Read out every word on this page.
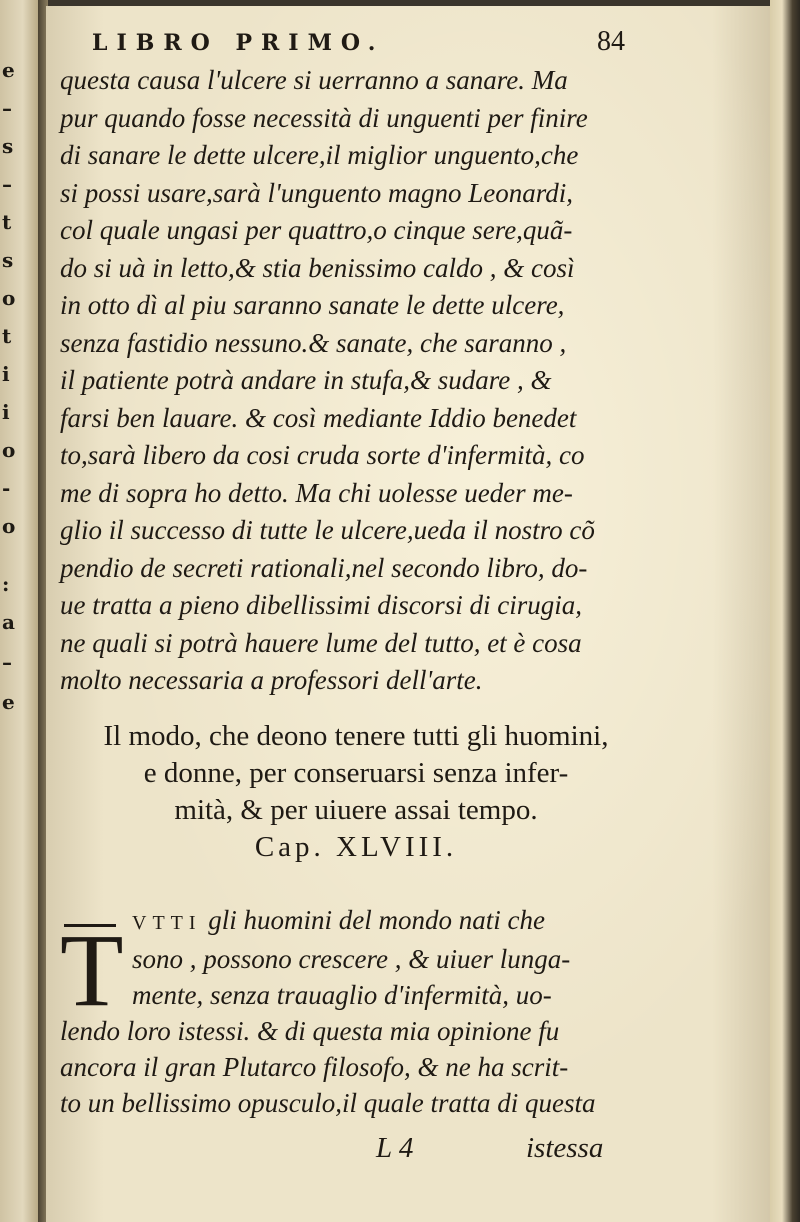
e
–
s
–
t
s
o
t
i
i
o
-
o
:
a
–
e
LIBRO PRIMO.	84
questa causa l'ulcere si uerranno a sanare. Ma
pur quando fosse necessità di unguenti per finire
di sanare le dette ulcere,il miglior unguento,che
si possi usare,sarà l'unguento magno Leonardi,
col quale ungasi per quattro,o cinque sere,quã-
do si uà in letto,& stia benissimo caldo , & così
in otto dì al piu saranno sanate le dette ulcere,
senza fastidio nessuno.& sanate, che saranno ,
il patiente potrà andare in stufa,& sudare , &
farsi ben lauare. & così mediante Iddio benedet
to,sarà libero da cosi cruda sorte d'infermità, co
me di sopra ho detto. Ma chi uolesse ueder me-
glio il successo di tutte le ulcere,ueda il nostro cõ
pendio de secreti rationali,nel secondo libro, do-
ue tratta a pieno dibellissimi discorsi di cirugia,
ne quali si potrà hauere lume del tutto, et è cosa
molto necessaria a professori dell'arte.
Il modo, che deono tenere tutti gli huomini,
e donne, per conseruarsi senza infer-
mità, & per uiuere assai tempo.
Cap. XLVIII.
T VTTI gli huomini del mondo nati che
sono , possono crescere , & uiuer lunga-
mente, senza trauaglio d'infermità, uo-
lendo loro istessi. & di questa mia opinione fu
ancora il gran Plutarco filosofo, & ne ha scrit-
to un bellissimo opusculo,il quale tratta di questa
L 4	istessa
